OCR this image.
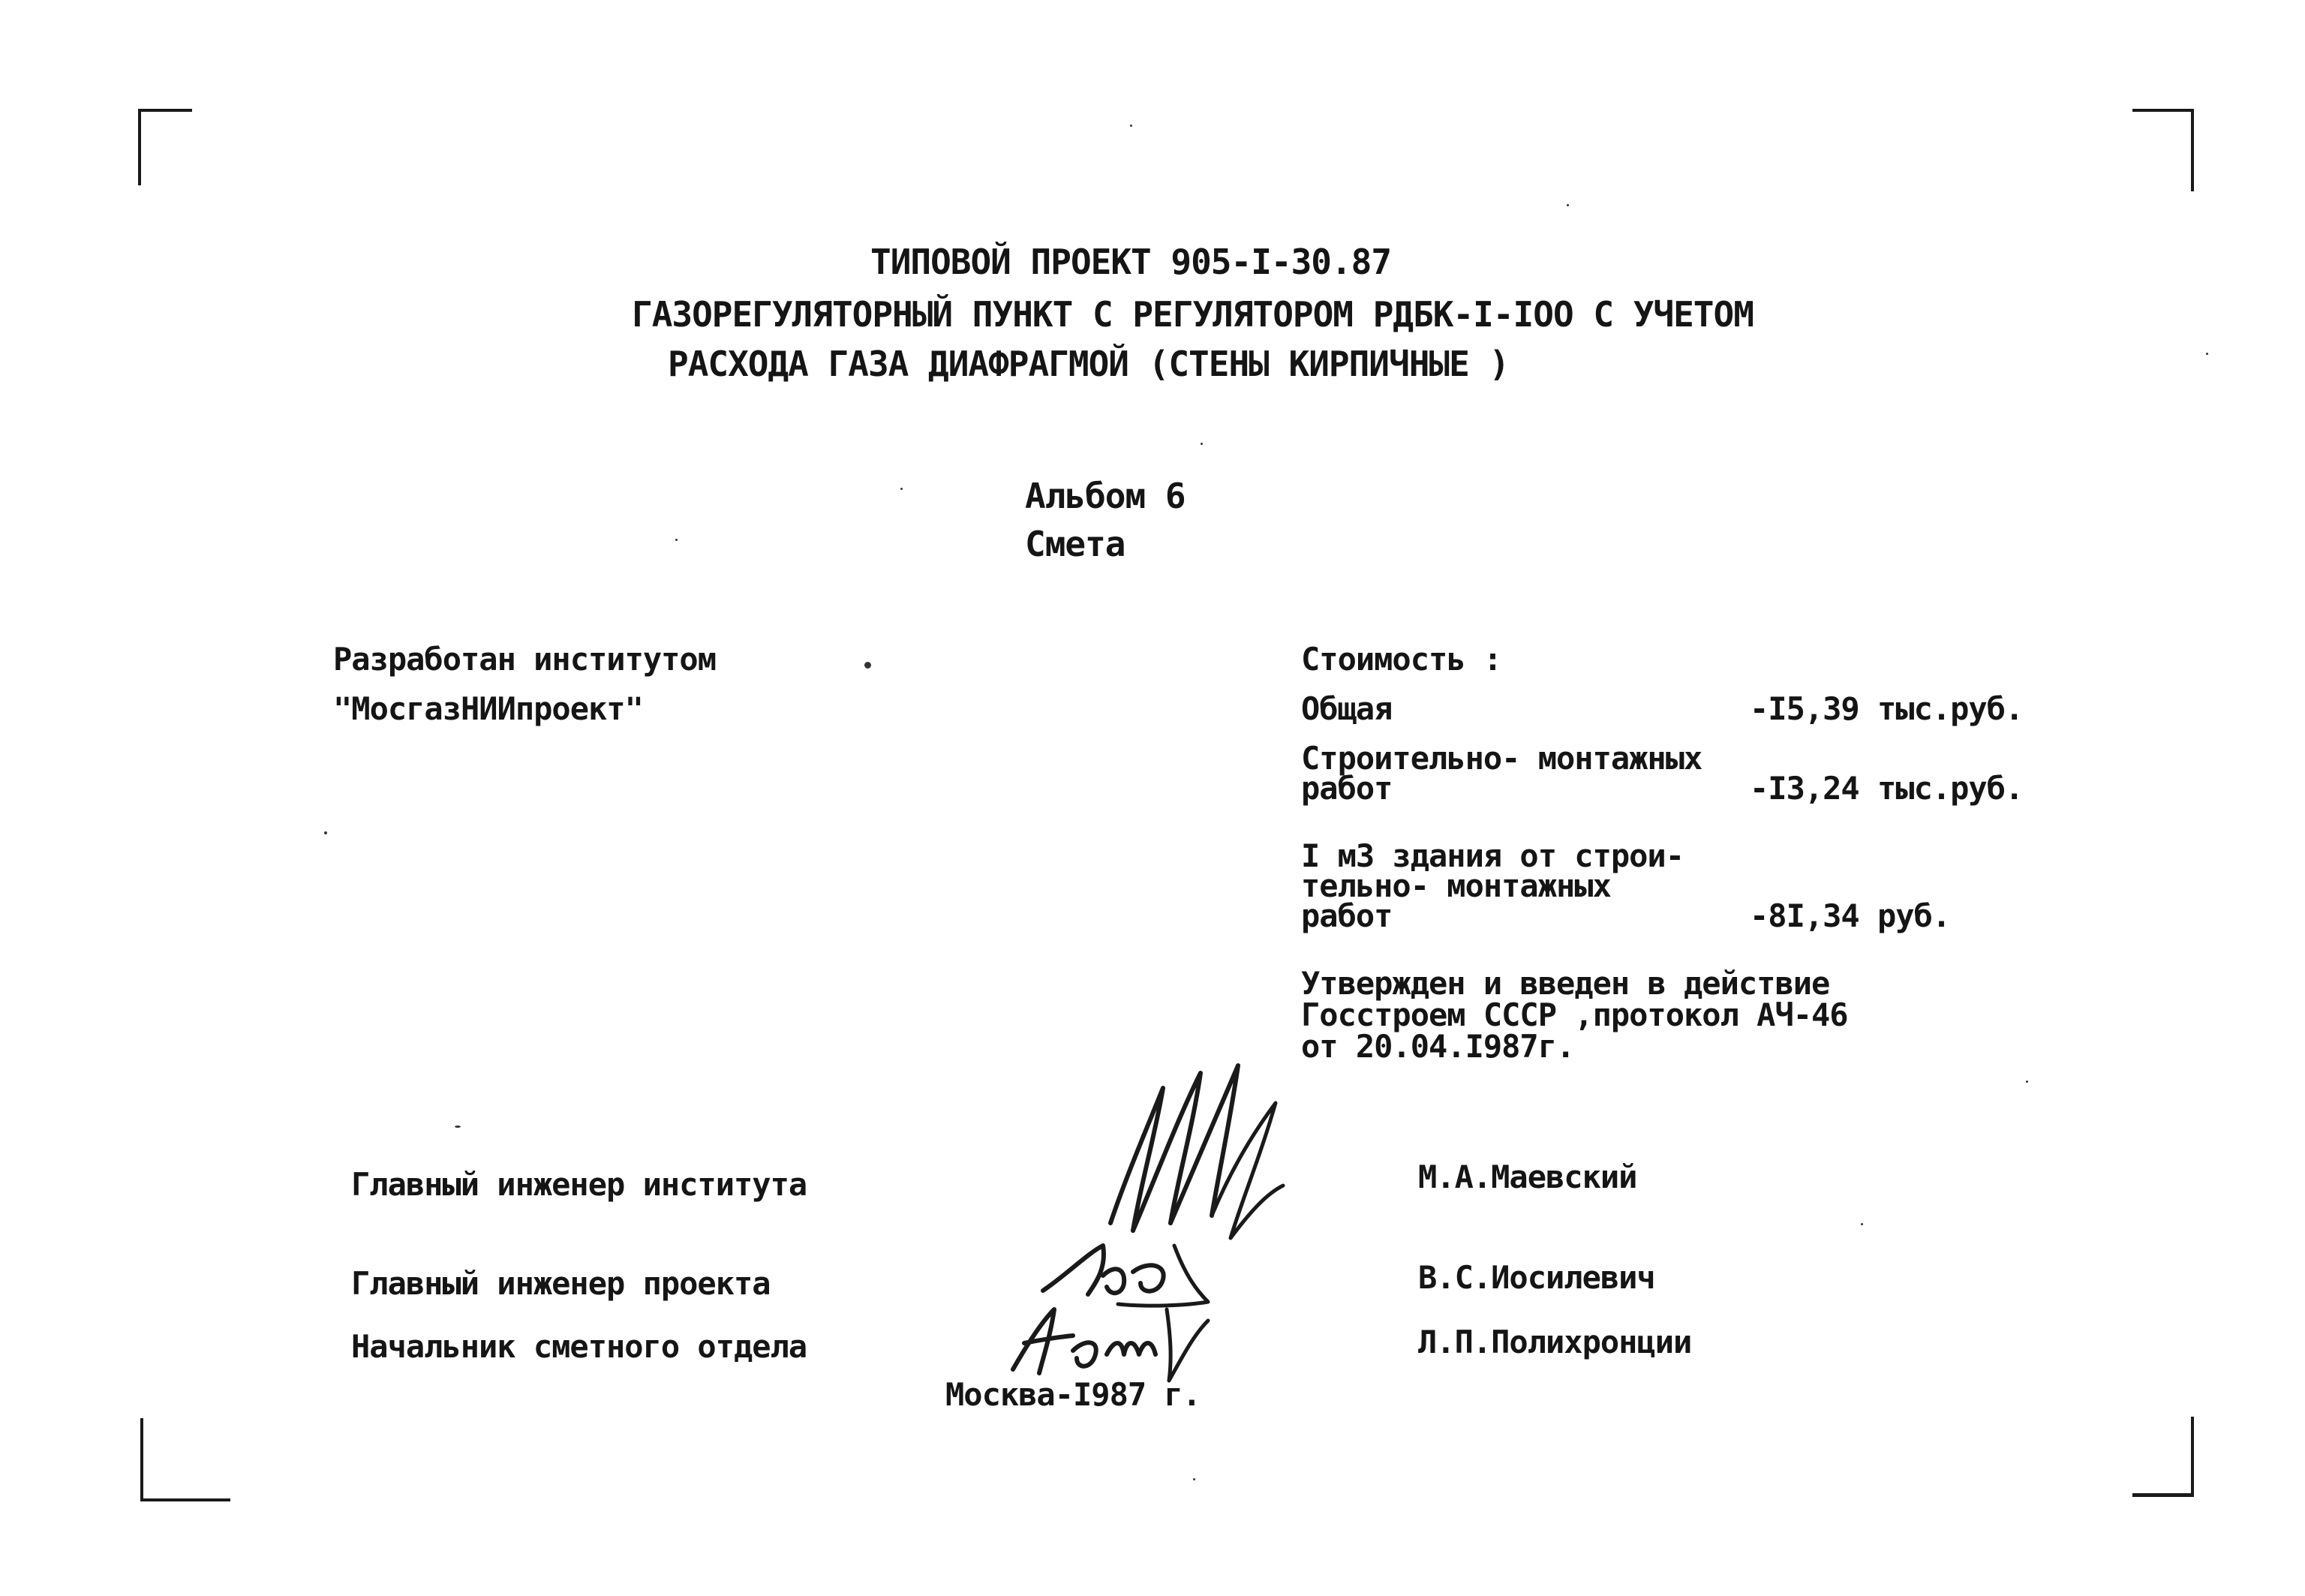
ТИПОВОЙ ПРОЕКТ 905-I-30.87
ГАЗОРЕГУЛЯТОРНЫЙ ПУНКТ С РЕГУЛЯТОРОМ РДБК-I-IOO С УЧЕТОМ
РАСХОДА ГАЗА ДИАФРАГМОЙ (СТЕНЫ КИРПИЧНЫЕ )
Альбом 6
Смета
Разработан институтом
"МосгазНИИпроект"
Стоимость :
Общая	-I5,39 тыс.руб.
Строительно- монтажных
работ	-I3,24 тыс.руб.
I м3 здания от строи-
тельно- монтажных
работ	-8I,34 руб.
Утвержден и введен в действие
Госстроем СССР ,протокол АЧ-46
от 20.04.I987г.
Главный инженер института	М.А.Маевский
Главный инженер проекта	В.С.Иосилевич
Начальник сметного отдела	Л.П.Полихронции
Москва-I987 г.
